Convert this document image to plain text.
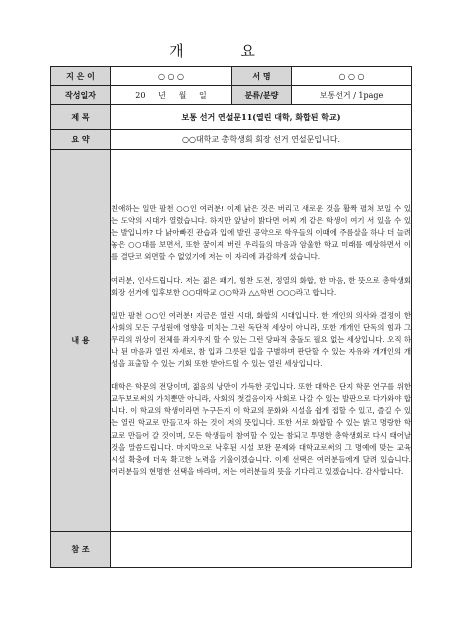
개 요
지 은 이	○ ○ ○	서 명	○ ○ ○
작성일자	20     년     월     일	분류/분량	보통선거 / 1page
제 목	보통 선거 연설문11(열린 대학, 화합된 학교)		
요 약	○○대학교 총학생회 회장 선거 연설문입니다.		
내 용	친애하는 일만 팔천 ○○인 여러분! 이제 낡은 것은 버리고 새로운 것을 활짝 펼쳐 보일 수 있는 도약의 시대가 열렸습니다. 하지만 앞날이 밝다면 어찌 게 같은 학생이 여기 서 있을 수 있는 발입니까? 다 낡아빠진 관습과 입에 발린 공약으로 학우들의 이때에 주름살을 하나 더 늘려놓은 ○○대를 보면서, 또한 꿈이져 버린 우리들의 마음과 암울한 학교 미래를 예상하면서 이를 결단코 외면할 수 없었기에 저는 이 자리에 과감하게 섰습니다.

여러분, 인사드립니다. 저는 젊은 패기, 힘찬 도전, 정열의 화합, 한 마음, 한 뜻으로 총학생회 회장 선거에 입후보한 ○○대학교 ○○학과 △△학번 ○○○라고 합니다.

일만 팔천 ○○인 여러분! 지금은 열린 시대, 화합의 시대입니다. 한 개인의 의사와 결정이 한 사회의 모든 구성원에 영향을 미치는 그런 독단적 세상이 아니라, 또한 개개인 단독의 힘과 그 무리의 위상이 전체를 좌지우지 할 수 있는 그런 당파적 충돌도 필요 없는 세상입니다. 오직 하나 된 마음과 열린 자세로, 참 입과 그릇된 입을 구별하며 판단할 수 있는 자유와 개개인의 개성을 표출할 수 있는 기회 또한 받아드릴 수 있는 열린 세상입니다.

대학은 학문의 전당이며, 젊음의 낭만이 가득한 곳입니다. 또한 대학은 단지 학문 연구를 위한 교두보로써의 가치뿐만 아니라, 사회의 첫걸음이자 사회로 나갈 수 있는 발판으로 다가와야 합니다. 이 학교의 학생이라면 누구든지 이 학교의 문화와 시설을 쉽게 접할 수 있고, 즐길 수 있는 열린 학교로 만들고자 하는 것이 저의 뜻입니다. 또한 서로 화합할 수 있는 밝고 명랑한 학교로 만들어 갈 것이며, 모든 학생들이 참여할 수 있는 참되고 투명한 총학생회로 다시 태어날 것을 말씀드립니다. 마지막으로 낙후된 시설 보완 문제와 대학교로써의 그 명예에 맞는 교육 시설 확충에 더욱 확고한 노력을 기울이겠습니다. 이제 선택은 여러분들에게 달려 있습니다. 여러분들의 현명한 선택을 바라며, 저는 여러분들의 뜻을 기다리고 있겠습니다. 감사합니다.		

참 조			
